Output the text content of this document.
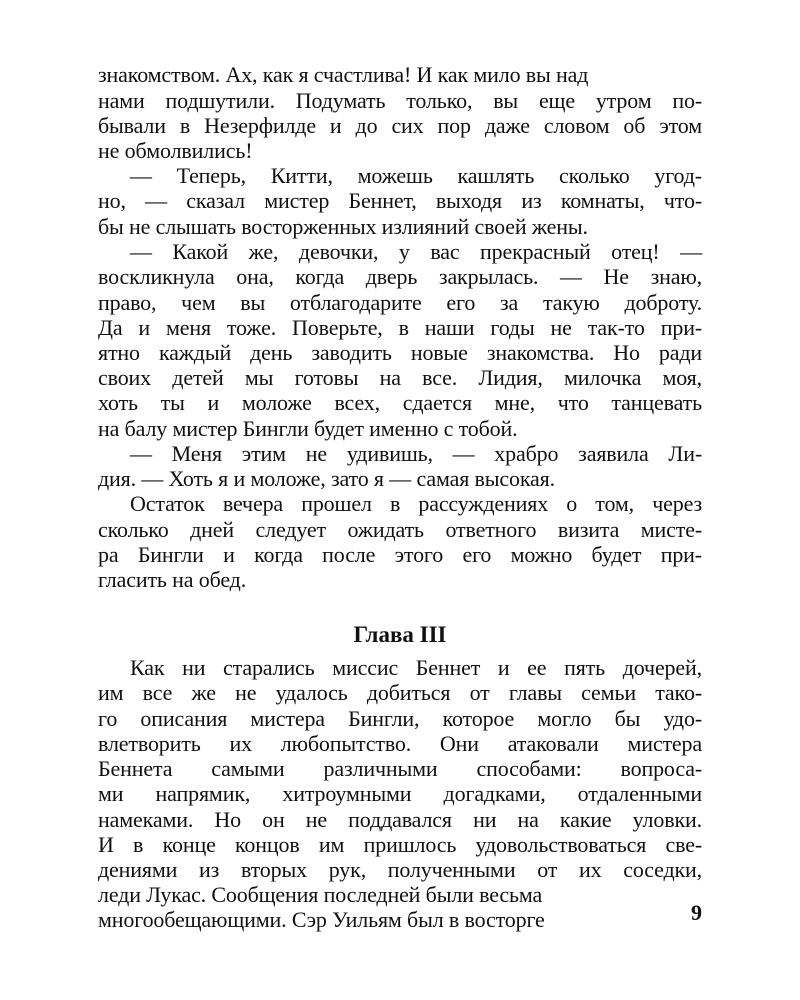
знакомством. Ах, как я счастлива! И как мило вы над
нами подшутили. Подумать только, вы еще утром по-
бывали в Незерфилде и до сих пор даже словом об этом
не обмолвились!
— Теперь, Китти, можешь кашлять сколько угод-
но, — сказал мистер Беннет, выходя из комнаты, что-
бы не слышать восторженных излияний своей жены.
— Какой же, девочки, у вас прекрасный отец! —
воскликнула она, когда дверь закрылась. — Не знаю,
право, чем вы отблагодарите его за такую доброту.
Да и меня тоже. Поверьте, в наши годы не так-то при-
ятно каждый день заводить новые знакомства. Но ради
своих детей мы готовы на все. Лидия, милочка моя,
хоть ты и моложе всех, сдается мне, что танцевать
на балу мистер Бингли будет именно с тобой.
— Меня этим не удивишь, — храбро заявила Ли-
дия. — Хоть я и моложе, зато я — самая высокая.
Остаток вечера прошел в рассуждениях о том, через
сколько дней следует ожидать ответного визита мисте-
ра Бингли и когда после этого его можно будет при-
гласить на обед.
Глава III
Как ни старались миссис Беннет и ее пять дочерей,
им все же не удалось добиться от главы семьи тако-
го описания мистера Бингли, которое могло бы удо-
влетворить их любопытство. Они атаковали мистера
Беннета самыми различными способами: вопроса-
ми напрямик, хитроумными догадками, отдаленными
намеками. Но он не поддавался ни на какие уловки.
И в конце концов им пришлось удовольствоваться све-
дениями из вторых рук, полученными от их соседки,
леди Лукас. Сообщения последней были весьма
многообещающими. Сэр Уильям был в восторге	9
